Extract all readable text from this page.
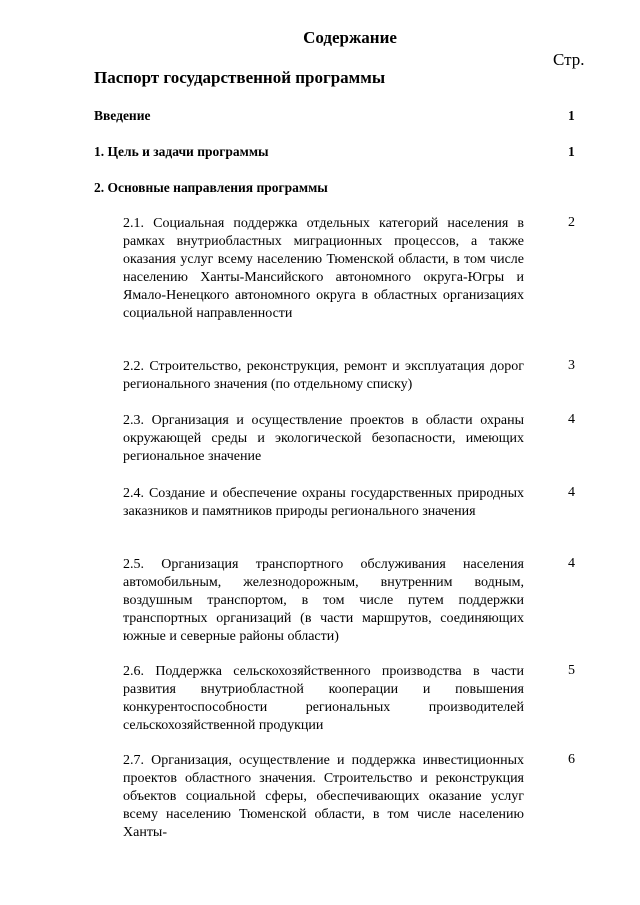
Содержание
Стр.
Паспорт государственной программы
Введение	1
1. Цель и задачи программы	1
2. Основные направления программы
2.1. Социальная поддержка отдельных категорий населения в рамках внутриобластных миграционных процессов, а также оказания услуг всему населению Тюменской области, в том числе населению Ханты-Мансийского автономного округа-Югры и Ямало-Ненецкого автономного округа в областных организациях социальной направленности
2
2.2. Строительство, реконструкция, ремонт и эксплуатация дорог регионального значения (по отдельному списку)
3
2.3. Организация и осуществление проектов в области охраны окружающей среды и экологической безопасности, имеющих региональное значение
4
2.4. Создание и обеспечение охраны государственных природных заказников и памятников природы регионального значения
4
2.5. Организация транспортного обслуживания населения автомобильным, железнодорожным, внутренним водным, воздушным транспортом, в том числе путем поддержки транспортных организаций (в части маршрутов, соединяющих южные и северные районы области)
4
2.6. Поддержка сельскохозяйственного производства в части развития внутриобластной кооперации и повышения конкурентоспособности региональных производителей сельскохозяйственной продукции
5
2.7. Организация, осуществление и поддержка инвестиционных проектов областного значения. Строительство и реконструкция объектов социальной сферы, обеспечивающих оказание услуг всему населению Тюменской области, в том числе населению Ханты-
6
